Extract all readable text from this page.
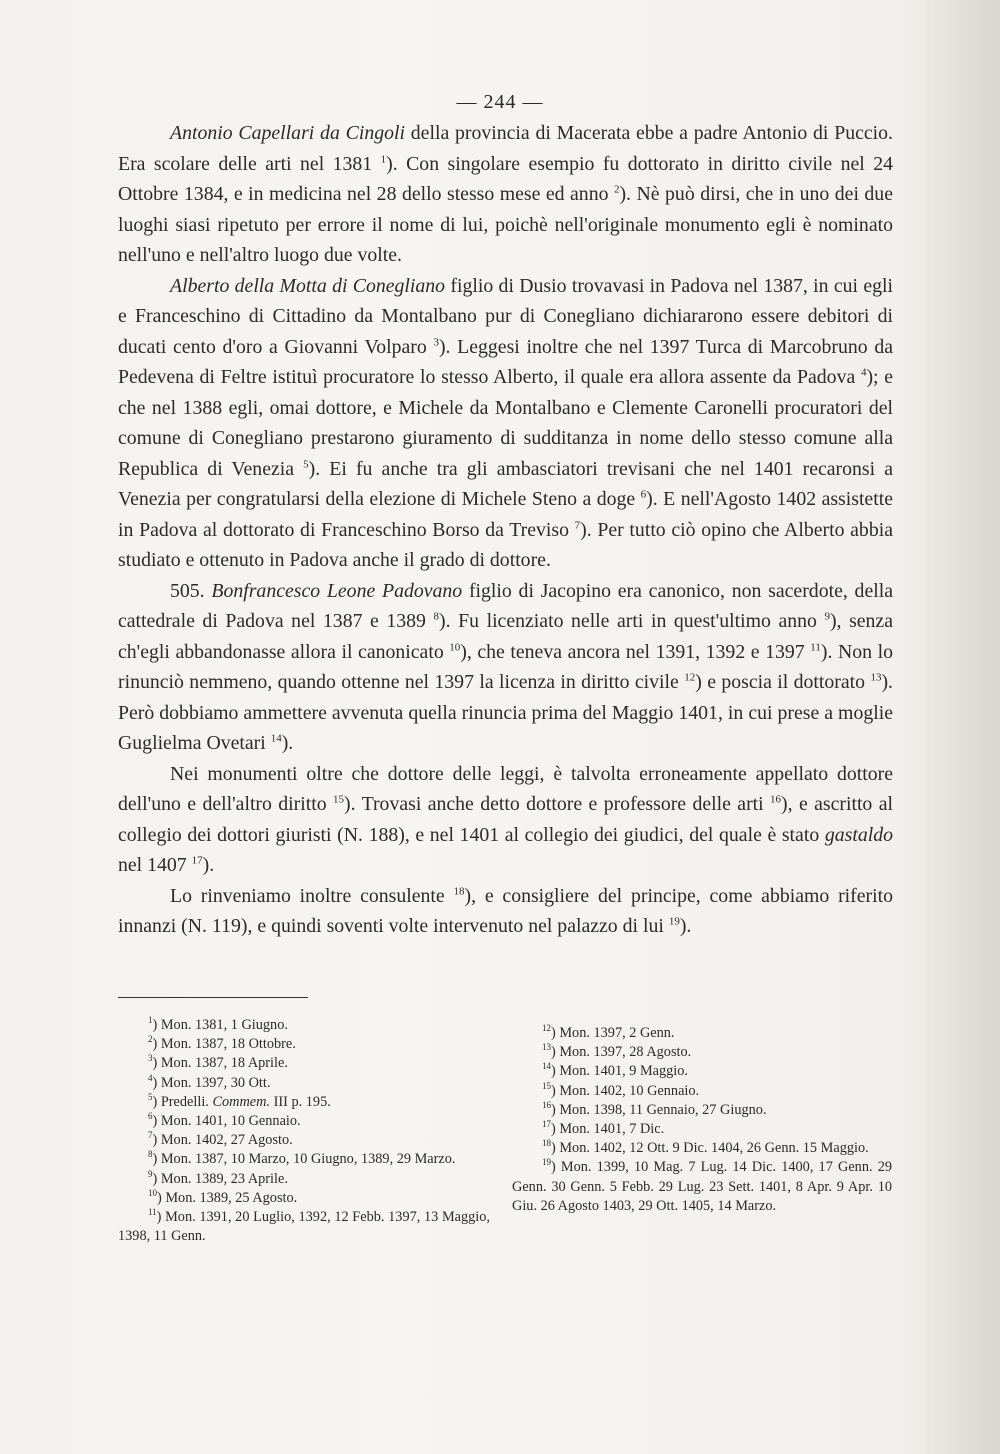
— 244 —

Antonio Capellari da Cingoli della provincia di Macerata ebbe a padre Antonio di Puccio. Era scolare delle arti nel 1381 $^1$). Con singolare esempio fu dottorato in diritto civile nel 24 Ottobre 1384, e in medicina nel 28 dello stesso mese ed anno $^2$). Nè può dirsi, che in uno dei due luoghi siasi ripetuto per errore il nome di lui, poichè nell'originale monumento egli è nominato nell'uno e nell'altro luogo due volte.

Alberto della Motta di Conegliano figlio di Dusio trovavasi in Padova nel 1387, in cui egli e Franceschino di Cittadino da Montalbano pur di Conegliano dichiararono essere debitori di ducati cento d'oro a Giovanni Volparo $^3$). Leggesi inoltre che nel 1397 Turca di Marcobruno da Pedevena di Feltre istituì procuratore lo stesso Alberto, il quale era allora assente da Padova $^4$); e che nel 1388 egli, omai dottore, e Michele da Montalbano e Clemente Caronelli procuratori del comune di Conegliano prestarono giuramento di sudditanza in nome dello stesso comune alla Republica di Venezia $^5$). Ei fu anche tra gli ambasciatori trevisani che nel 1401 recaronsi a Venezia per congratularsi della elezione di Michele Steno a doge $^6$). E nell'Agosto 1402 assistette in Padova al dottorato di Franceschino Borso da Treviso $^7$). Per tutto ciò opino che Alberto abbia studiato e ottenuto in Padova anche il grado di dottore.

505. Bonfrancesco Leone Padovano figlio di Jacopino era canonico, non sacerdote, della cattedrale di Padova nel 1387 e 1389 $^8$). Fu licenziato nelle arti in quest'ultimo anno $^9$), senza ch'egli abbandonasse allora il canonicato $^{10}$), che teneva ancora nel 1391, 1392 e 1397 $^{11}$). Non lo rinunciò nemmeno, quando ottenne nel 1397 la licenza in diritto civile $^{12}$) e poscia il dottorato $^{13}$). Però dobbiamo ammettere avvenuta quella rinuncia prima del Maggio 1401, in cui prese a moglie Guglielma Ovetari $^{14}$).

Nei monumenti oltre che dottore delle leggi, è talvolta erroneamente appellato dottore dell'uno e dell'altro diritto $^{15}$). Trovasi anche detto dottore e professore delle arti $^{16}$), e ascritto al collegio dei dottori giuristi (N. 188), e nel 1401 al collegio dei giudici, del quale è stato gastaldo nel 1407 $^{17}$).

Lo rinveniamo inoltre consulente $^{18}$), e consigliere del principe, come abbiamo riferito innanzi (N. 119), e quindi soventi volte intervenuto nel palazzo di lui $^{19}$).

$^1$) Mon. 1381, 1 Giugno.

$^2$) Mon. 1387, 18 Ottobre.

$^3$) Mon. 1387, 18 Aprile.

$^4$) Mon. 1397, 30 Ott.

$^5$) Predelli. Commem. III p. 195.

$^6$) Mon. 1401, 10 Gennaio.

$^7$) Mon. 1402, 27 Agosto.

$^8$) Mon. 1387, 10 Marzo, 10 Giugno, 1389, 29 Marzo.

$^9$) Mon. 1389, 23 Aprile.

$^{10}$) Mon. 1389, 25 Agosto.

$^{11}$) Mon. 1391, 20 Luglio, 1392, 12 Febb. 1397, 13 Maggio, 1398, 11 Genn.

$^{12}$) Mon. 1397, 2 Genn.

$^{13}$) Mon. 1397, 28 Agosto.

$^{14}$) Mon. 1401, 9 Maggio.

$^{15}$) Mon. 1402, 10 Gennaio.

$^{16}$) Mon. 1398, 11 Gennaio, 27 Giugno.

$^{17}$) Mon. 1401, 7 Dic.

$^{18}$) Mon. 1402, 12 Ott. 9 Dic. 1404, 26 Genn. 15 Maggio.

$^{19}$) Mon. 1399, 10 Mag. 7 Lug. 14 Dic. 1400, 17 Genn. 29 Genn. 30 Genn. 5 Febb. 29 Lug. 23 Sett. 1401, 8 Apr. 9 Apr. 10 Giu. 26 Agosto 1403, 29 Ott. 1405, 14 Marzo.
